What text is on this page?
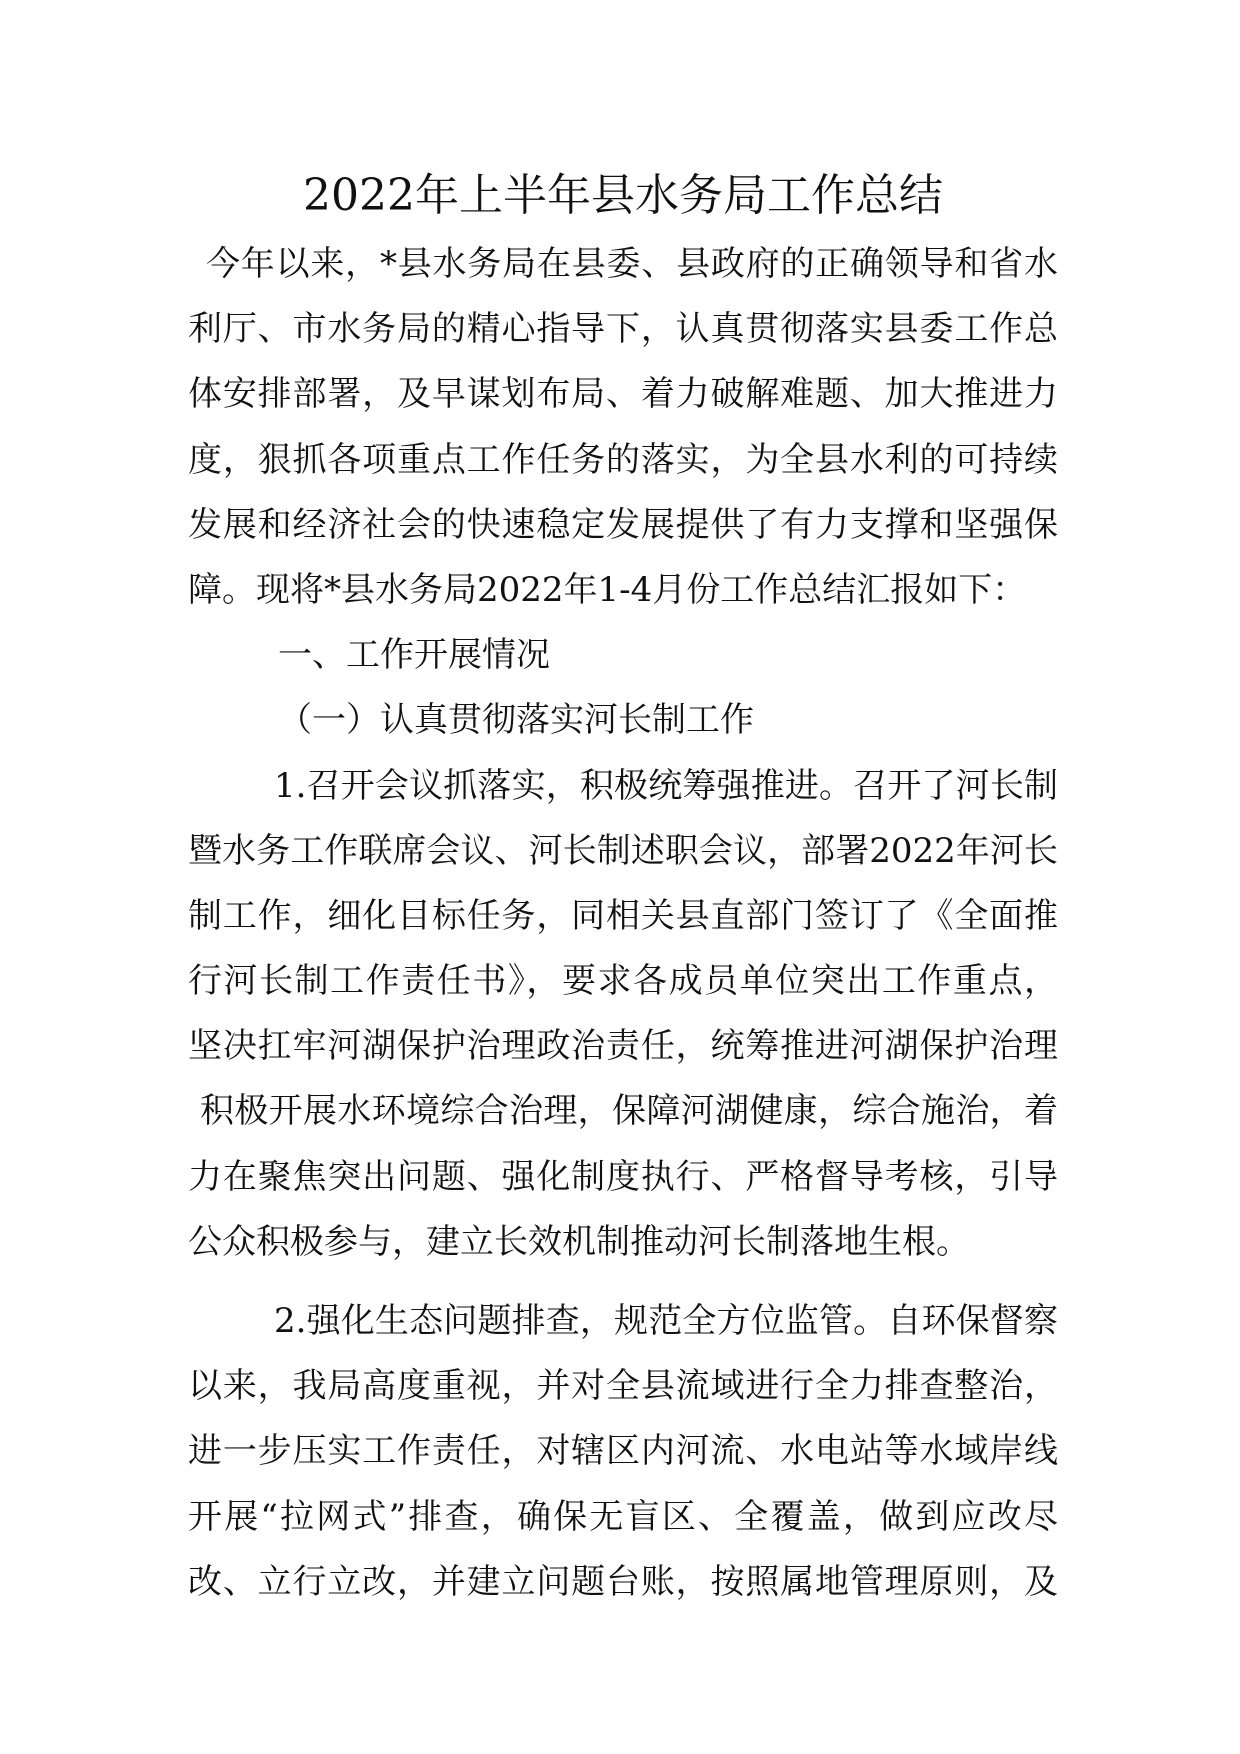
2022年上半年县水务局工作总结
今年以来，*县水务局在县委、县政府的正确领导和省水
利厅、市水务局的精心指导下，认真贯彻落实县委工作总
体安排部署，及早谋划布局、着力破解难题、加大推进力
度，狠抓各项重点工作任务的落实，为全县水利的可持续
发展和经济社会的快速稳定发展提供了有力支撑和坚强保
障。现将*县水务局2022年1-4月份工作总结汇报如下：
一、工作开展情况
（一）认真贯彻落实河长制工作
1.召开会议抓落实，积极统筹强推进。召开了河长制
暨水务工作联席会议、河长制述职会议，部署2022年河长
制工作，细化目标任务，同相关县直部门签订了《全面推
行河长制工作责任书》，要求各成员单位突出工作重点，
坚决扛牢河湖保护治理政治责任，统筹推进河湖保护治理
积极开展水环境综合治理，保障河湖健康，综合施治，着
力在聚焦突出问题、强化制度执行、严格督导考核，引导
公众积极参与，建立长效机制推动河长制落地生根。
2.强化生态问题排查，规范全方位监管。自环保督察
以来，我局高度重视，并对全县流域进行全力排查整治，
进一步压实工作责任，对辖区内河流、水电站等水域岸线
开展“拉网式”排查，确保无盲区、全覆盖，做到应改尽
改、立行立改，并建立问题台账，按照属地管理原则，及
